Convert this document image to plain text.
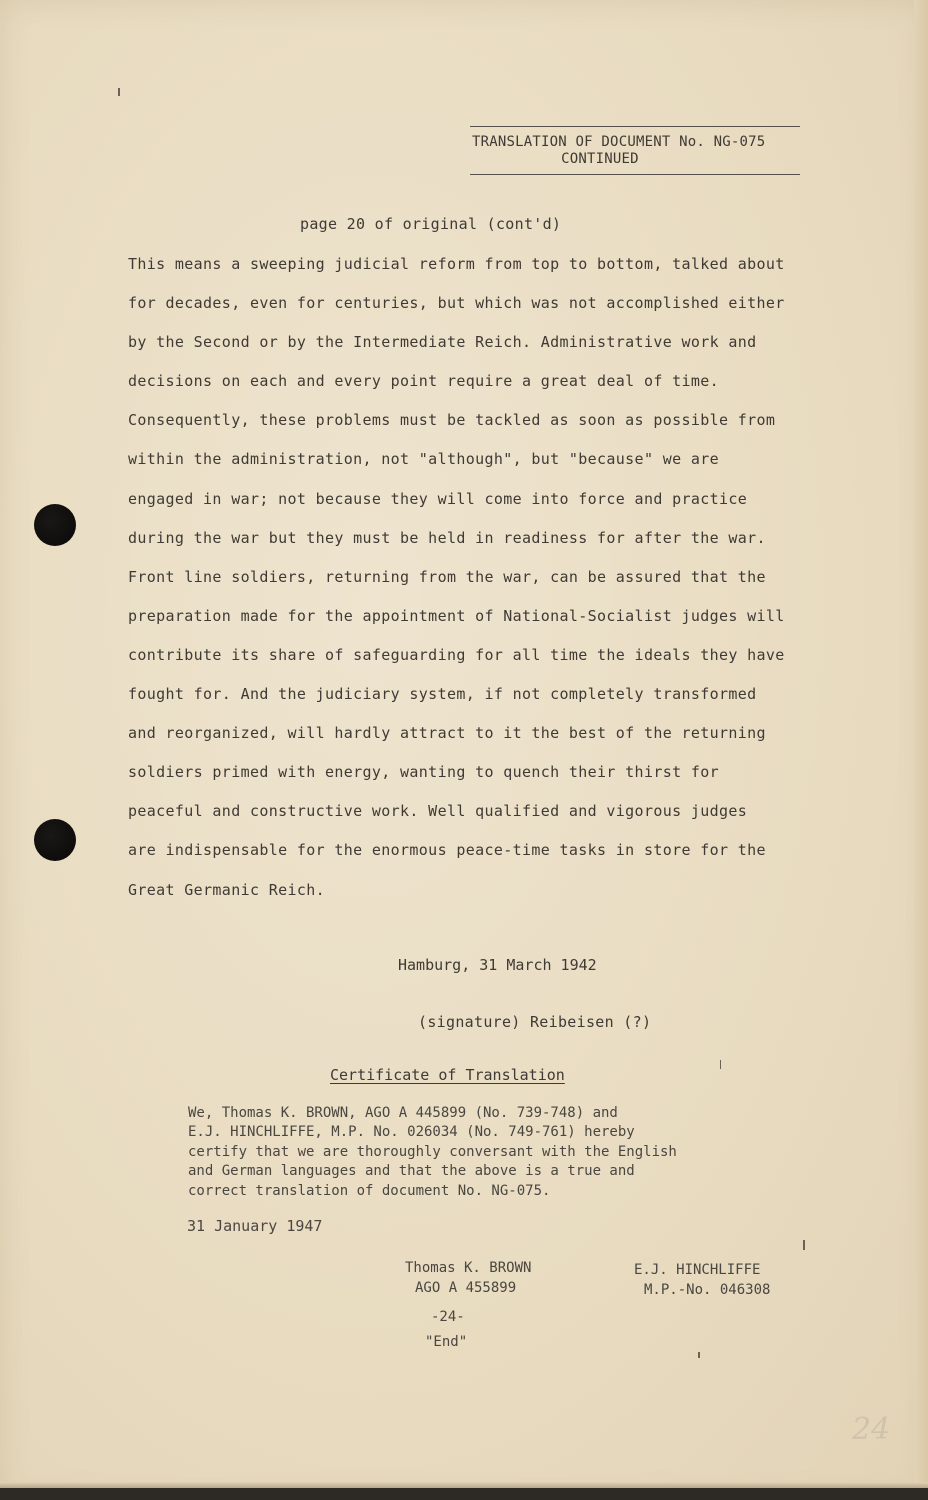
TRANSLATION OF DOCUMENT No. NG-075
CONTINUED
page 20 of original (cont'd)
This means a sweeping judicial reform from top to bottom, talked about
for decades, even for centuries, but which was not accomplished either
by the Second or by the Intermediate Reich. Administrative work and
decisions on each and every point require a great deal of time.
Consequently, these problems must be tackled as soon as possible from
within the administration, not "although", but "because" we are
engaged in war; not because they will come into force and practice
during the war but they must be held in readiness for after the war.
Front line soldiers, returning from the war, can be assured that the
preparation made for the appointment of National-Socialist judges will
contribute its share of safeguarding for all time the ideals they have
fought for. And the judiciary system, if not completely transformed
and reorganized, will hardly attract to it the best of the returning
soldiers primed with energy, wanting to quench their thirst for
peaceful and constructive work. Well qualified and vigorous judges
are indispensable for the enormous peace-time tasks in store for the
Great Germanic Reich.
Hamburg, 31 March 1942
(signature) Reibeisen (?)
Certificate of Translation
We, Thomas K. BROWN, AGO A 445899 (No. 739-748) and
E.J. HINCHLIFFE, M.P. No. 026034 (No. 749-761) hereby
certify that we are thoroughly conversant with the English
and German languages and that the above is a true and
correct translation of document No. NG-075.
31 January 1947
Thomas K. BROWN
AGO A 455899
E.J. HINCHLIFFE
M.P.-No. 046308
-24-
"End"
24
